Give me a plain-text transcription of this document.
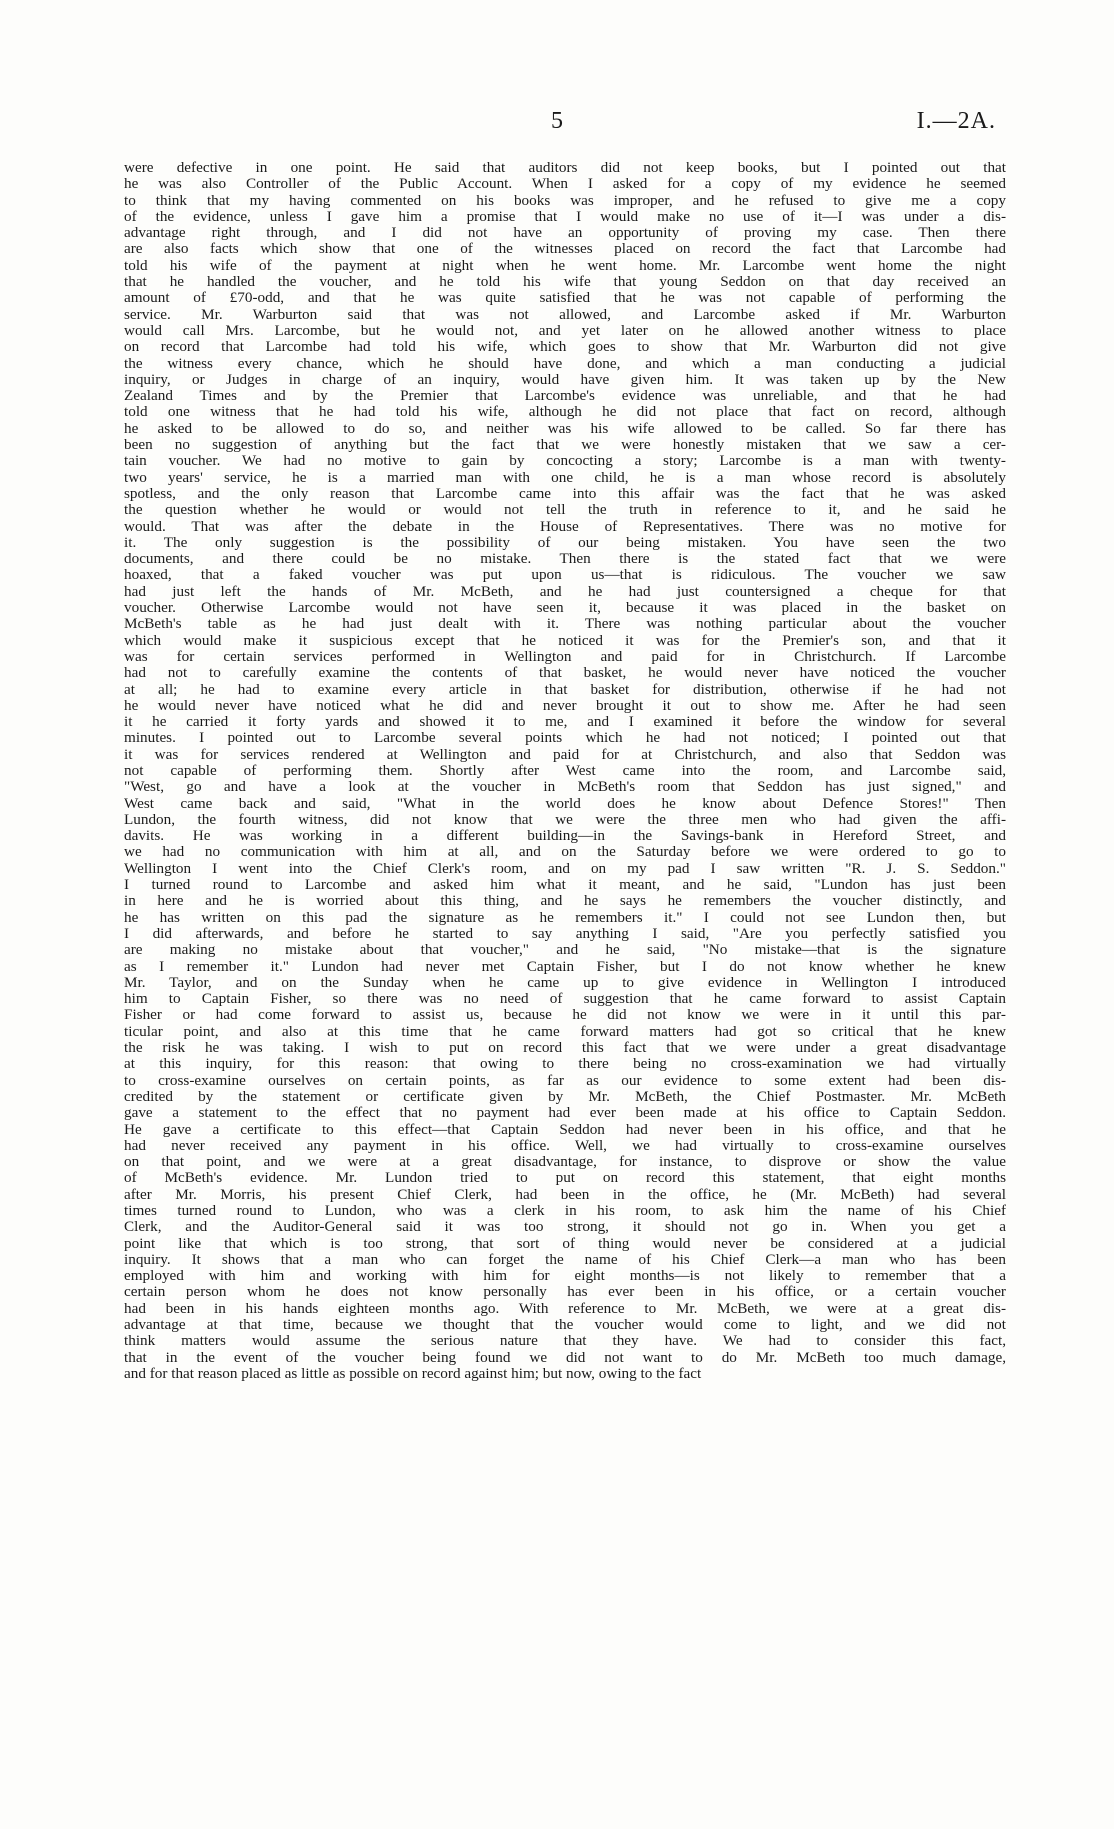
5	I.—2A.
were defective in one point. He said that auditors did not keep books, but I pointed out that
he was also Controller of the Public Account. When I asked for a copy of my evidence he seemed
to think that my having commented on his books was improper, and he refused to give me a copy
of the evidence, unless I gave him a promise that I would make no use of it—I was under a dis-
advantage right through, and I did not have an opportunity of proving my case. Then there
are also facts which show that one of the witnesses placed on record the fact that Larcombe had
told his wife of the payment at night when he went home. Mr. Larcombe went home the night
that he handled the voucher, and he told his wife that young Seddon on that day received an
amount of £70-odd, and that he was quite satisfied that he was not capable of performing the
service. Mr. Warburton said that was not allowed, and Larcombe asked if Mr. Warburton
would call Mrs. Larcombe, but he would not, and yet later on he allowed another witness to place
on record that Larcombe had told his wife, which goes to show that Mr. Warburton did not give
the witness every chance, which he should have done, and which a man conducting a judicial
inquiry, or Judges in charge of an inquiry, would have given him. It was taken up by the New
Zealand Times and by the Premier that Larcombe's evidence was unreliable, and that he had
told one witness that he had told his wife, although he did not place that fact on record, although
he asked to be allowed to do so, and neither was his wife allowed to be called. So far there has
been no suggestion of anything but the fact that we were honestly mistaken that we saw a cer-
tain voucher. We had no motive to gain by concocting a story; Larcombe is a man with twenty-
two years' service, he is a married man with one child, he is a man whose record is absolutely
spotless, and the only reason that Larcombe came into this affair was the fact that he was asked
the question whether he would or would not tell the truth in reference to it, and he said he
would. That was after the debate in the House of Representatives. There was no motive for
it. The only suggestion is the possibility of our being mistaken. You have seen the two
documents, and there could be no mistake. Then there is the stated fact that we were
hoaxed, that a faked voucher was put upon us—that is ridiculous. The voucher we saw
had just left the hands of Mr. McBeth, and he had just countersigned a cheque for that
voucher. Otherwise Larcombe would not have seen it, because it was placed in the basket on
McBeth's table as he had just dealt with it. There was nothing particular about the voucher
which would make it suspicious except that he noticed it was for the Premier's son, and that it
was for certain services performed in Wellington and paid for in Christchurch. If Larcombe
had not to carefully examine the contents of that basket, he would never have noticed the voucher
at all; he had to examine every article in that basket for distribution, otherwise if he had not
he would never have noticed what he did and never brought it out to show me. After he had seen
it he carried it forty yards and showed it to me, and I examined it before the window for several
minutes. I pointed out to Larcombe several points which he had not noticed; I pointed out that
it was for services rendered at Wellington and paid for at Christchurch, and also that Seddon was
not capable of performing them. Shortly after West came into the room, and Larcombe said,
"West, go and have a look at the voucher in McBeth's room that Seddon has just signed," and
West came back and said, "What in the world does he know about Defence Stores!" Then
Lundon, the fourth witness, did not know that we were the three men who had given the affi-
davits. He was working in a different building—in the Savings-bank in Hereford Street, and
we had no communication with him at all, and on the Saturday before we were ordered to go to
Wellington I went into the Chief Clerk's room, and on my pad I saw written "R. J. S. Seddon."
I turned round to Larcombe and asked him what it meant, and he said, "Lundon has just been
in here and he is worried about this thing, and he says he remembers the voucher distinctly, and
he has written on this pad the signature as he remembers it." I could not see Lundon then, but
I did afterwards, and before he started to say anything I said, "Are you perfectly satisfied you
are making no mistake about that voucher," and he said, "No mistake—that is the signature
as I remember it." Lundon had never met Captain Fisher, but I do not know whether he knew
Mr. Taylor, and on the Sunday when he came up to give evidence in Wellington I introduced
him to Captain Fisher, so there was no need of suggestion that he came forward to assist Captain
Fisher or had come forward to assist us, because he did not know we were in it until this par-
ticular point, and also at this time that he came forward matters had got so critical that he knew
the risk he was taking. I wish to put on record this fact that we were under a great disadvantage
at this inquiry, for this reason: that owing to there being no cross-examination we had virtually
to cross-examine ourselves on certain points, as far as our evidence to some extent had been dis-
credited by the statement or certificate given by Mr. McBeth, the Chief Postmaster. Mr. McBeth
gave a statement to the effect that no payment had ever been made at his office to Captain Seddon.
He gave a certificate to this effect—that Captain Seddon had never been in his office, and that he
had never received any payment in his office. Well, we had virtually to cross-examine ourselves
on that point, and we were at a great disadvantage, for instance, to disprove or show the value
of McBeth's evidence. Mr. Lundon tried to put on record this statement, that eight months
after Mr. Morris, his present Chief Clerk, had been in the office, he (Mr. McBeth) had several
times turned round to Lundon, who was a clerk in his room, to ask him the name of his Chief
Clerk, and the Auditor-General said it was too strong, it should not go in. When you get a
point like that which is too strong, that sort of thing would never be considered at a judicial
inquiry. It shows that a man who can forget the name of his Chief Clerk—a man who has been
employed with him and working with him for eight months—is not likely to remember that a
certain person whom he does not know personally has ever been in his office, or a certain voucher
had been in his hands eighteen months ago. With reference to Mr. McBeth, we were at a great dis-
advantage at that time, because we thought that the voucher would come to light, and we did not
think matters would assume the serious nature that they have. We had to consider this fact,
that in the event of the voucher being found we did not want to do Mr. McBeth too much damage,
and for that reason placed as little as possible on record against him; but now, owing to the fact
